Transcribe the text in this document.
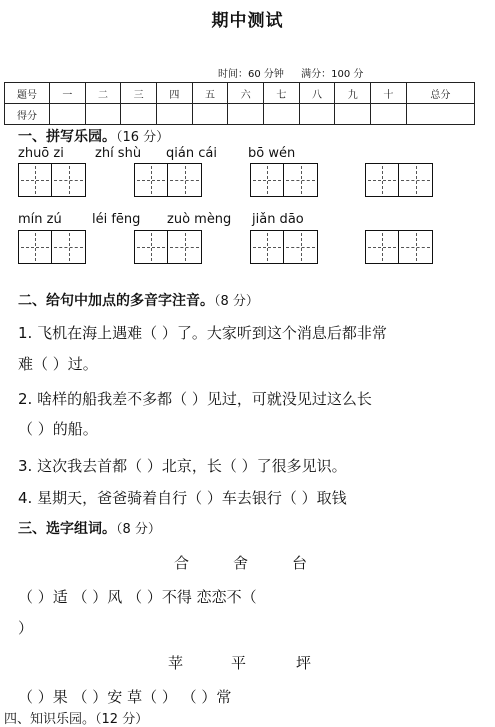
期中测试
时间：60 分钟 满分：100 分
题号	一	二	三	四	五	六	七	八	九	十	总分
得分											
一、拼写乐园。（16 分）
zhuō zi zhí shù qián cái bō wén
mín zú léi fēng zuò mèng jiǎn dāo
二、给句中加点的多音字注音。（8 分）
1. 飞机在海上遇难（ ）了。大家听到这个消息后都非常
难（ ）过。
2. 啥样的船我差不多都（ ）见过，可就没见过这么长
（ ）的船。
3. 这次我去首都（ ）北京，长（ ）了很多见识。
4. 星期天，爸爸骑着自行（ ）车去银行（ ）取钱
三、选字组词。（8 分）
合	舍	台
（ ）适 （ ）风 （ ）不得 恋恋不（
）
苹	平	坪
（ ）果 （ ）安 草（ ） （ ）常
四、知识乐园。（12 分）
